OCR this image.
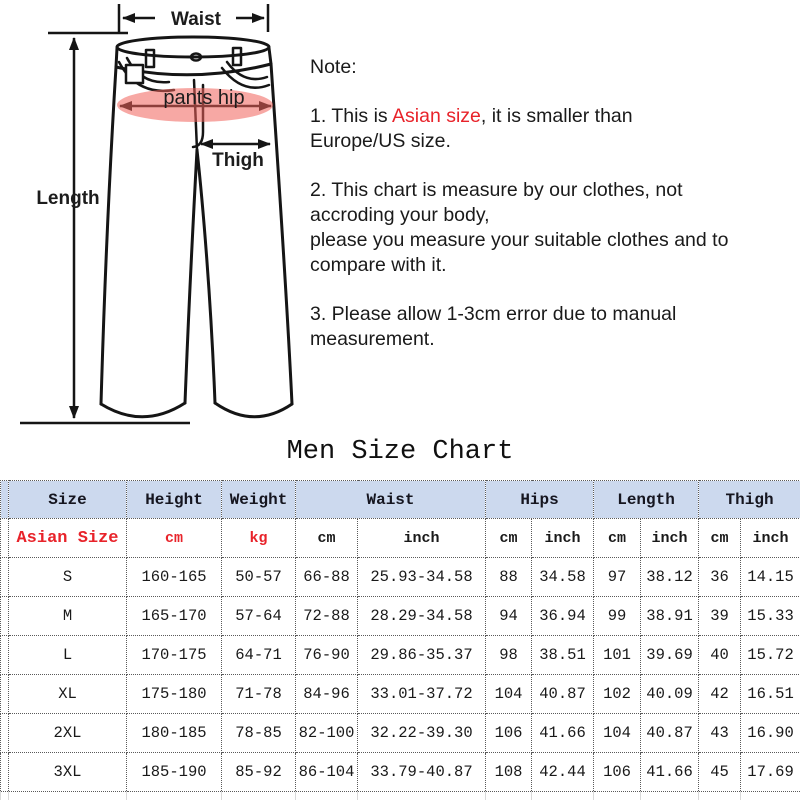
Waist
pants hip
Thigh
Length
Note:
1. This is Asian size, it is smaller than
Europe/US size.
2. This chart is measure by our clothes, not
accroding your body,
please you measure your suitable clothes and to
compare with it.
3. Please allow 1-3cm error due to manual
measurement.
Men Size Chart
	Size	Height	Weight	Waist		Hips		Length		Thigh	
	Asian Size	cm	kg	cm	inch	cm	inch	cm	inch	cm	inch
	S	160-165	50-57	66-88	25.93-34.58	88	34.58	97	38.12	36	14.15
	M	165-170	57-64	72-88	28.29-34.58	94	36.94	99	38.91	39	15.33
	L	170-175	64-71	76-90	29.86-35.37	98	38.51	101	39.69	40	15.72
	XL	175-180	71-78	84-96	33.01-37.72	104	40.87	102	40.09	42	16.51
	2XL	180-185	78-85	82-100	32.22-39.30	106	41.66	104	40.87	43	16.90
	3XL	185-190	85-92	86-104	33.79-40.87	108	42.44	106	41.66	45	17.69
